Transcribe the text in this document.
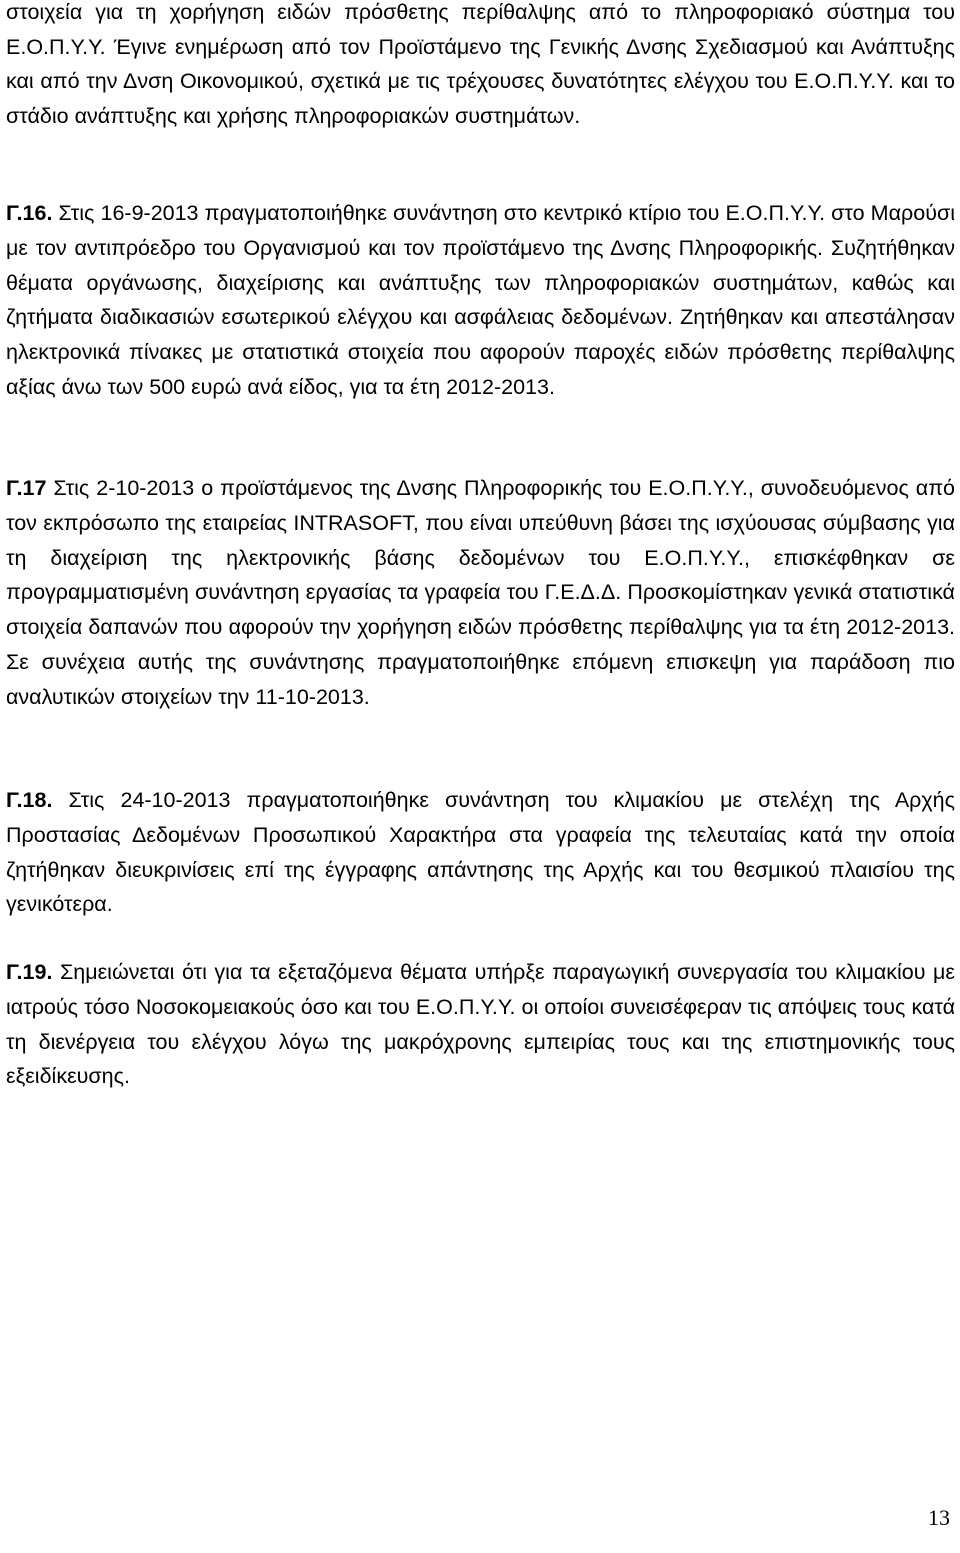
στοιχεία για τη χορήγηση ειδών πρόσθετης περίθαλψης από το πληροφοριακό σύστημα του Ε.Ο.Π.Υ.Υ. Έγινε ενημέρωση από τον Προϊστάμενο της Γενικής Δνσης Σχεδιασμού και Ανάπτυξης και από την Δνση Οικονομικού, σχετικά με τις τρέχουσες δυνατότητες ελέγχου του Ε.Ο.Π.Υ.Υ. και το στάδιο ανάπτυξης και χρήσης πληροφοριακών συστημάτων.
Γ.16. Στις 16-9-2013 πραγματοποιήθηκε συνάντηση στο κεντρικό κτίριο του Ε.Ο.Π.Υ.Υ. στο Μαρούσι με τον αντιπρόεδρο του Οργανισμού και τον προϊστάμενο της Δνσης Πληροφορικής. Συζητήθηκαν θέματα οργάνωσης, διαχείρισης και ανάπτυξης των πληροφοριακών συστημάτων, καθώς και ζητήματα διαδικασιών εσωτερικού ελέγχου και ασφάλειας δεδομένων. Ζητήθηκαν και απεστάλησαν ηλεκτρονικά πίνακες με στατιστικά στοιχεία που αφορούν παροχές ειδών πρόσθετης περίθαλψης αξίας άνω των 500 ευρώ ανά είδος, για τα έτη 2012-2013.
Γ.17 Στις 2-10-2013 ο προϊστάμενος της Δνσης Πληροφορικής του Ε.Ο.Π.Υ.Υ., συνοδευόμενος από τον εκπρόσωπο της εταιρείας INTRASOFT, που είναι υπεύθυνη βάσει της ισχύουσας σύμβασης για τη διαχείριση της ηλεκτρονικής βάσης δεδομένων του Ε.Ο.Π.Υ.Υ., επισκέφθηκαν σε προγραμματισμένη συνάντηση εργασίας τα γραφεία του Γ.Ε.Δ.Δ. Προσκομίστηκαν γενικά στατιστικά στοιχεία δαπανών που αφορούν την χορήγηση ειδών πρόσθετης περίθαλψης για τα έτη 2012-2013. Σε συνέχεια αυτής της συνάντησης πραγματοποιήθηκε επόμενη επισκεψη για παράδοση πιο αναλυτικών στοιχείων την 11-10-2013.
Γ.18. Στις 24-10-2013 πραγματοποιήθηκε συνάντηση του κλιμακίου με στελέχη της Αρχής Προστασίας Δεδομένων Προσωπικού Χαρακτήρα στα γραφεία της τελευταίας κατά την οποία ζητήθηκαν διευκρινίσεις επί της έγγραφης απάντησης της Αρχής και του θεσμικού πλαισίου της γενικότερα.
Γ.19. Σημειώνεται ότι για τα εξεταζόμενα θέματα υπήρξε παραγωγική συνεργασία του κλιμακίου με ιατρούς τόσο Νοσοκομειακούς όσο και του Ε.Ο.Π.Υ.Υ. οι οποίοι συνεισέφεραν τις απόψεις τους κατά τη διενέργεια του ελέγχου λόγω της μακρόχρονης εμπειρίας τους και της επιστημονικής τους εξειδίκευσης.
13
